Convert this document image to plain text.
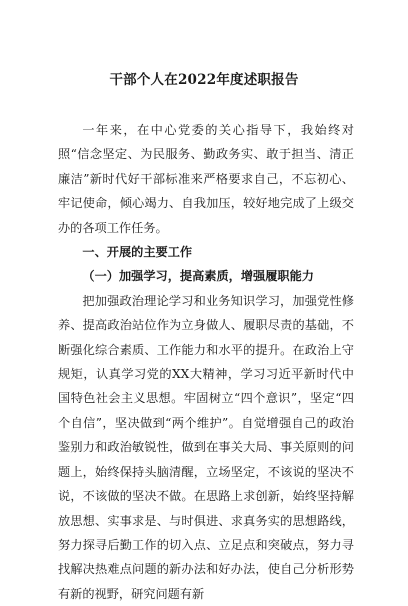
干部个人在2022年度述职报告

一年来，在中心党委的关心指导下，我始终对照“信念坚定、为民服务、勤政务实、敢于担当、清正廉洁”新时代好干部标准来严格要求自己，不忘初心、牢记使命，倾心竭力、自我加压，较好地完成了上级交办的各项工作任务。

一、开展的主要工作
（一）加强学习，提高素质，增强履职能力

把加强政治理论学习和业务知识学习，加强党性修养、提高政治站位作为立身做人、履职尽责的基础，不断强化综合素质、工作能力和水平的提升。在政治上守规矩，认真学习党的XX大精神，学习习近平新时代中国特色社会主义思想。牢固树立“四个意识”，坚定“四个自信”，坚决做到“两个维护”。自觉增强自己的政治鉴别力和政治敏锐性，做到在事关大局、事关原则的问题上，始终保持头脑清醒，立场坚定，不该说的坚决不说，不该做的坚决不做。在思路上求创新，始终坚持解放思想、实事求是、与时俱进、求真务实的思想路线，努力探寻后勤工作的切入点、立足点和突破点，努力寻找解决热难点问题的新办法和好办法，使自己分析形势有新的视野，研究问题有新
